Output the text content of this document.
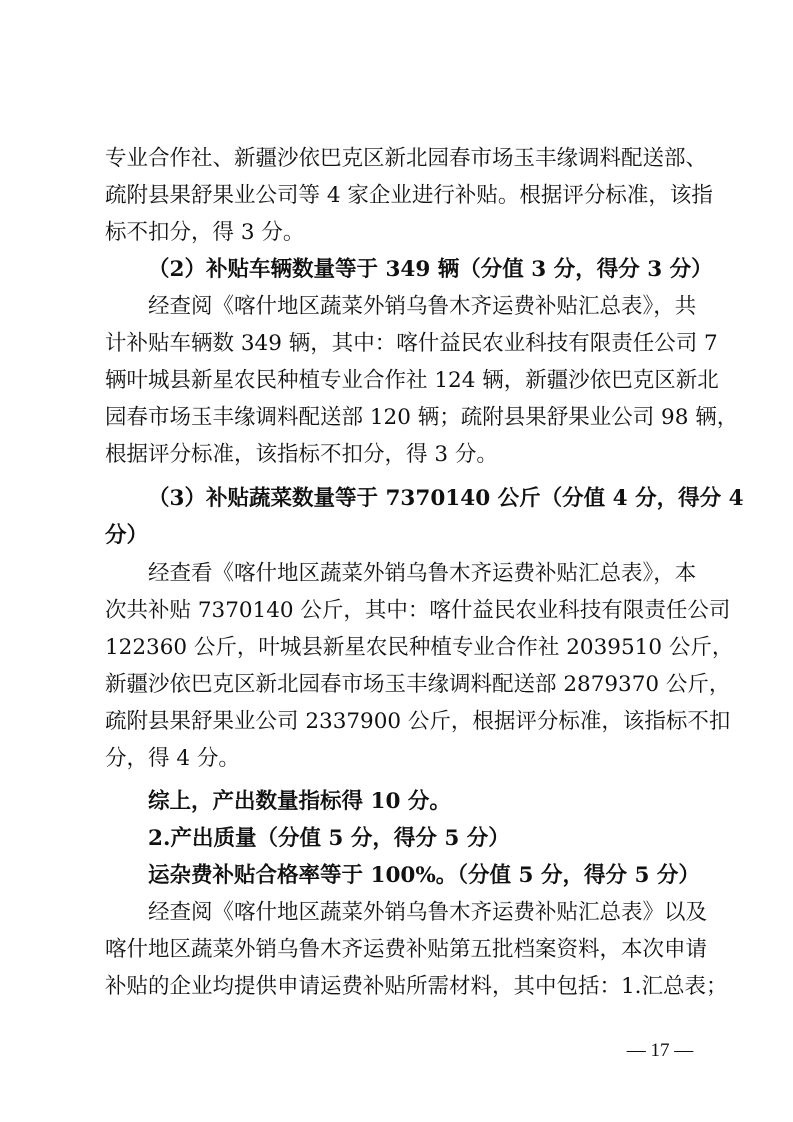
专业合作社、新疆沙依巴克区新北园春市场玉丰缘调料配送部、
疏附县果舒果业公司等 4 家企业进行补贴。根据评分标准，该指
标不扣分，得 3 分。
（2）补贴车辆数量等于 349 辆（分值 3 分，得分 3 分）
经查阅《喀什地区蔬菜外销乌鲁木齐运费补贴汇总表》，共
计补贴车辆数 349 辆，其中：喀什益民农业科技有限责任公司 7
辆叶城县新星农民种植专业合作社 124 辆，新疆沙依巴克区新北
园春市场玉丰缘调料配送部 120 辆；疏附县果舒果业公司 98 辆，
根据评分标准，该指标不扣分，得 3 分。
（3）补贴蔬菜数量等于 7370140 公斤（分值 4 分，得分 4
分）
经查看《喀什地区蔬菜外销乌鲁木齐运费补贴汇总表》，本
次共补贴 7370140 公斤，其中：喀什益民农业科技有限责任公司
122360 公斤，叶城县新星农民种植专业合作社 2039510 公斤，
新疆沙依巴克区新北园春市场玉丰缘调料配送部 2879370 公斤，
疏附县果舒果业公司 2337900 公斤，根据评分标准，该指标不扣
分，得 4 分。
综上，产出数量指标得 10 分。
2.产出质量（分值 5 分，得分 5 分）
运杂费补贴合格率等于 100%。（分值 5 分，得分 5 分）
经查阅《喀什地区蔬菜外销乌鲁木齐运费补贴汇总表》以及
喀什地区蔬菜外销乌鲁木齐运费补贴第五批档案资料，本次申请
补贴的企业均提供申请运费补贴所需材料，其中包括：1.汇总表；
— 17 —
